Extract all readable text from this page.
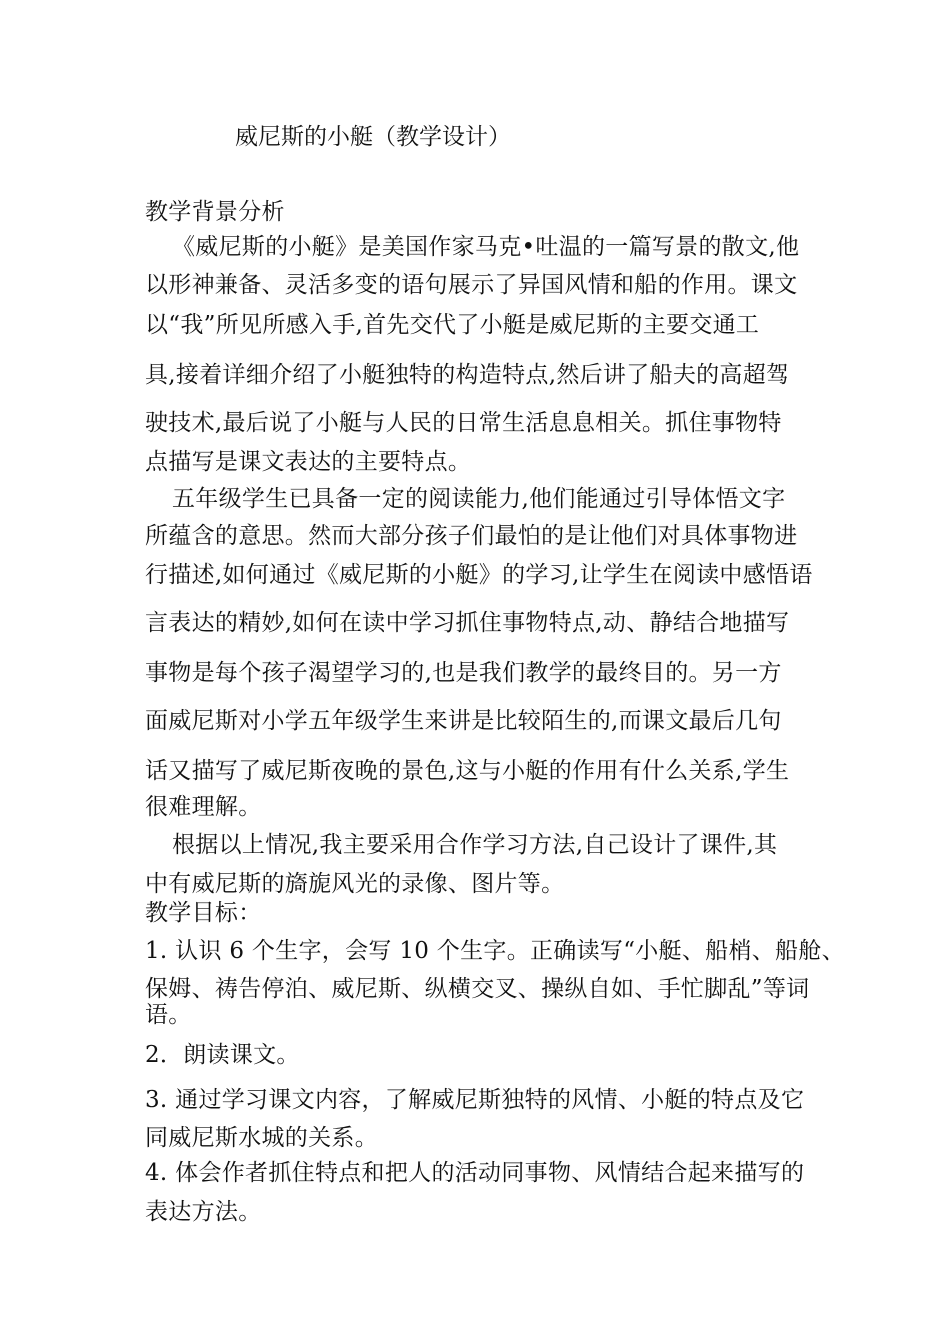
威尼斯的小艇（教学设计）
教学背景分析
《威尼斯的小艇》是美国作家马克•吐温的一篇写景的散文,他
以形神兼备、灵活多变的语句展示了异国风情和船的作用。课文
以“我”所见所感入手,首先交代了小艇是威尼斯的主要交通工
具,接着详细介绍了小艇独特的构造特点,然后讲了船夫的高超驾
驶技术,最后说了小艇与人民的日常生活息息相关。抓住事物特
点描写是课文表达的主要特点。
五年级学生已具备一定的阅读能力,他们能通过引导体悟文字
所蕴含的意思。然而大部分孩子们最怕的是让他们对具体事物进
行描述,如何通过《威尼斯的小艇》的学习,让学生在阅读中感悟语
言表达的精妙,如何在读中学习抓住事物特点,动、静结合地描写
事物是每个孩子渴望学习的,也是我们教学的最终目的。另一方
面威尼斯对小学五年级学生来讲是比较陌生的,而课文最后几句
话又描写了威尼斯夜晚的景色,这与小艇的作用有什么关系,学生
很难理解。
根据以上情况,我主要采用合作学习方法,自己设计了课件,其
中有威尼斯的旖旎风光的录像、图片等。
教学目标：
1. 认识 6 个生字，会写 10 个生字。正确读写“小艇、船梢、船舱、
保姆、祷告停泊、威尼斯、纵横交叉、操纵自如、手忙脚乱”等词
语。
2．朗读课文。
3. 通过学习课文内容，了解威尼斯独特的风情、小艇的特点及它
同威尼斯水城的关系。
4. 体会作者抓住特点和把人的活动同事物、风情结合起来描写的
表达方法。
